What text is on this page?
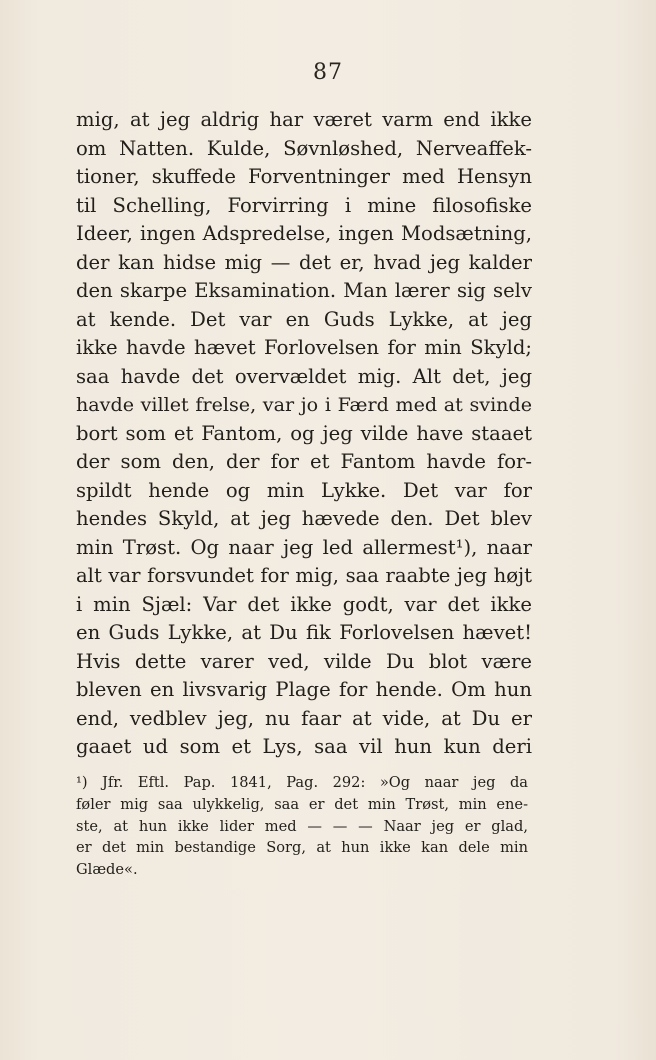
87
mig, at jeg aldrig har været varm end ikke
om Natten. Kulde, Søvnløshed, Nerveaffek-
tioner, skuffede Forventninger med Hensyn
til Schelling, Forvirring i mine filosofiske
Ideer, ingen Adspredelse, ingen Modsætning,
der kan hidse mig — det er, hvad jeg kalder
den skarpe Eksamination. Man lærer sig selv
at kende. Det var en Guds Lykke, at jeg
ikke havde hævet Forlovelsen for min Skyld;
saa havde det overvældet mig. Alt det, jeg
havde villet frelse, var jo i Færd med at svinde
bort som et Fantom, og jeg vilde have staaet
der som den, der for et Fantom havde for-
spildt hende og min Lykke. Det var for
hendes Skyld, at jeg hævede den. Det blev
min Trøst. Og naar jeg led allermest¹), naar
alt var forsvundet for mig, saa raabte jeg højt
i min Sjæl: Var det ikke godt, var det ikke
en Guds Lykke, at Du fik Forlovelsen hævet!
Hvis dette varer ved, vilde Du blot være
bleven en livsvarig Plage for hende. Om hun
end, vedblev jeg, nu faar at vide, at Du er
gaaet ud som et Lys, saa vil hun kun deri
¹) Jfr. Eftl. Pap. 1841, Pag. 292: »Og naar jeg da
føler mig saa ulykkelig, saa er det min Trøst, min ene-
ste, at hun ikke lider med — — — Naar jeg er glad,
er det min bestandige Sorg, at hun ikke kan dele min
Glæde«.
